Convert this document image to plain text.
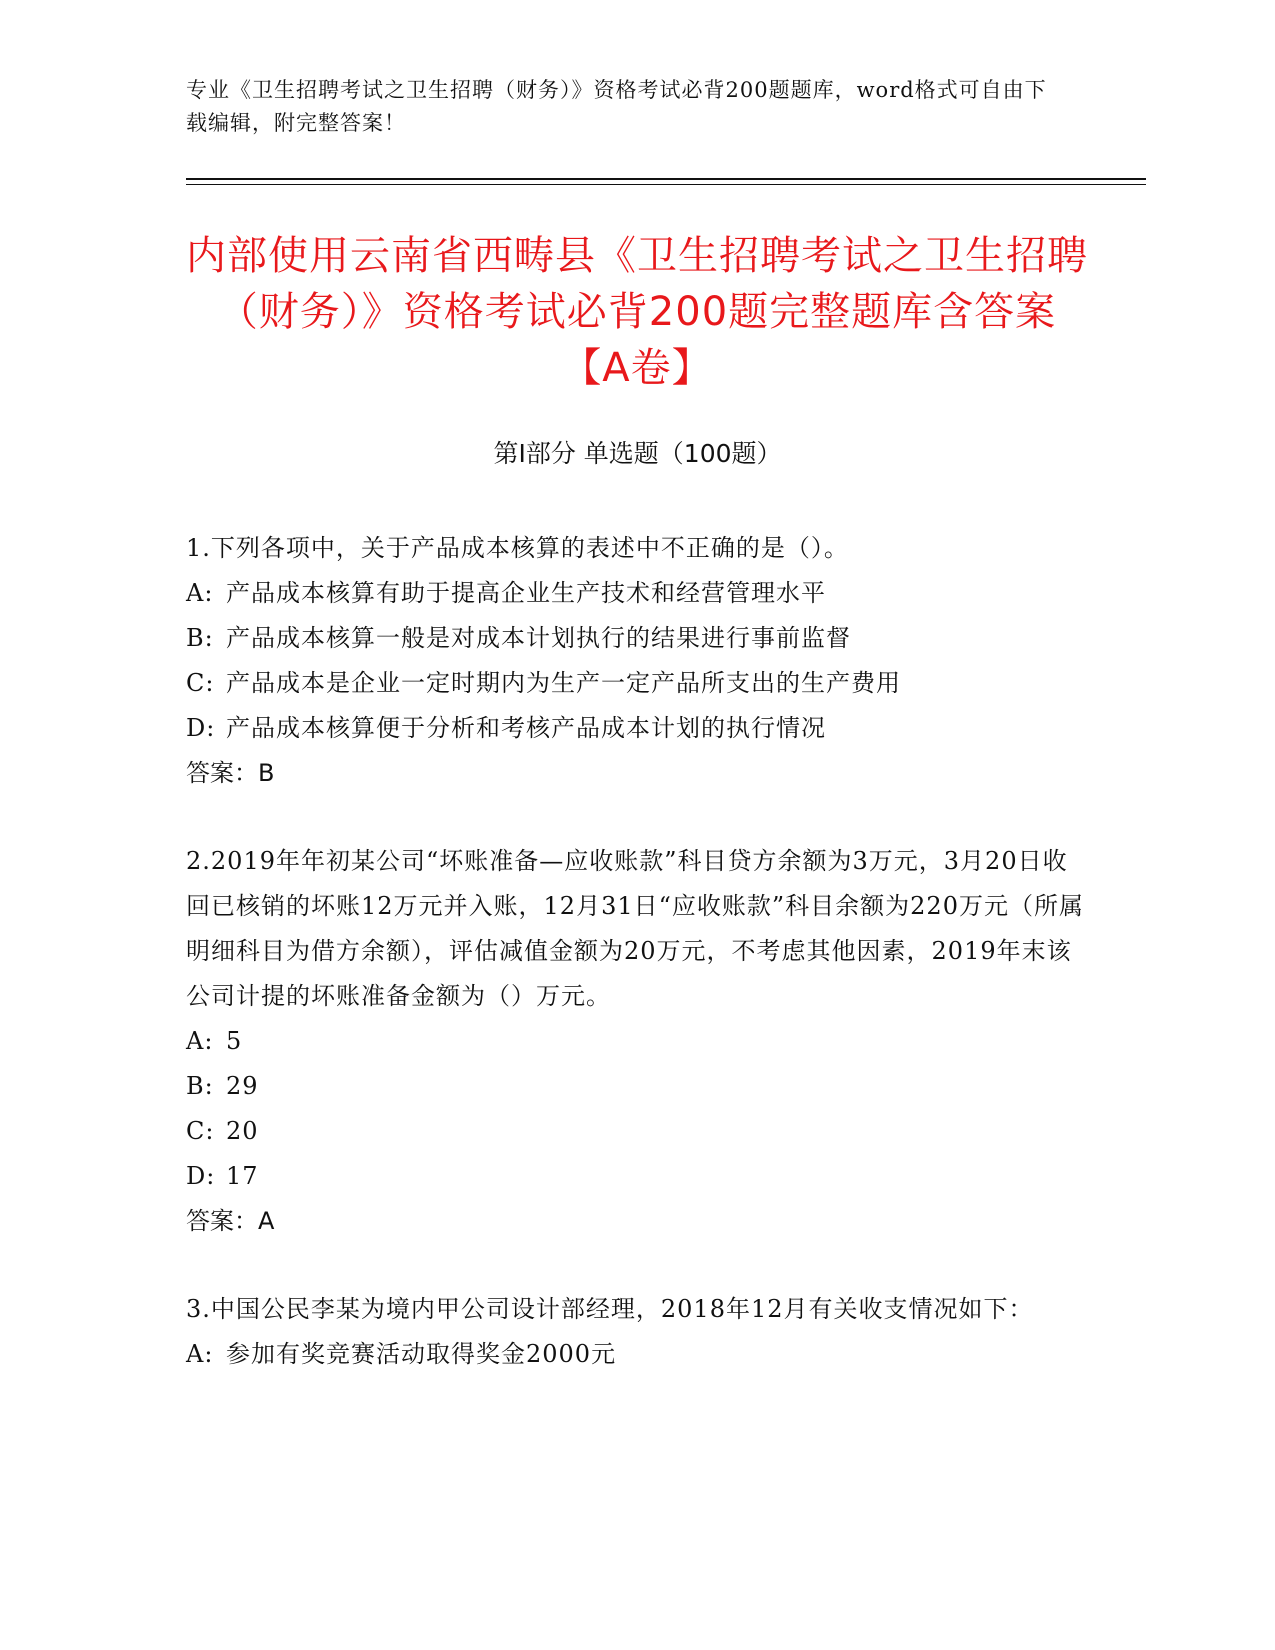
专业《卫生招聘考试之卫生招聘（财务）》资格考试必背200题题库，word格式可自由下载编辑，附完整答案！
内部使用云南省西畴县《卫生招聘考试之卫生招聘（财务）》资格考试必背200题完整题库含答案【A卷】
第I部分 单选题（100题）

1.下列各项中，关于产品成本核算的表述中不正确的是（）。

A: 产品成本核算有助于提高企业生产技术和经营管理水平

B: 产品成本核算一般是对成本计划执行的结果进行事前监督

C: 产品成本是企业一定时期内为生产一定产品所支出的生产费用

D: 产品成本核算便于分析和考核产品成本计划的执行情况

答案：B

2.2019年年初某公司“坏账准备—应收账款”科目贷方余额为3万元，3月20日收回已核销的坏账12万元并入账，12月31日“应收账款”科目余额为220万元（所属明细科目为借方余额），评估减值金额为20万元，不考虑其他因素，2019年末该公司计提的坏账准备金额为（）万元。

A: 5

B: 29

C: 20

D: 17

答案：A

3.中国公民李某为境内甲公司设计部经理，2018年12月有关收支情况如下：

A: 参加有奖竞赛活动取得奖金2000元
